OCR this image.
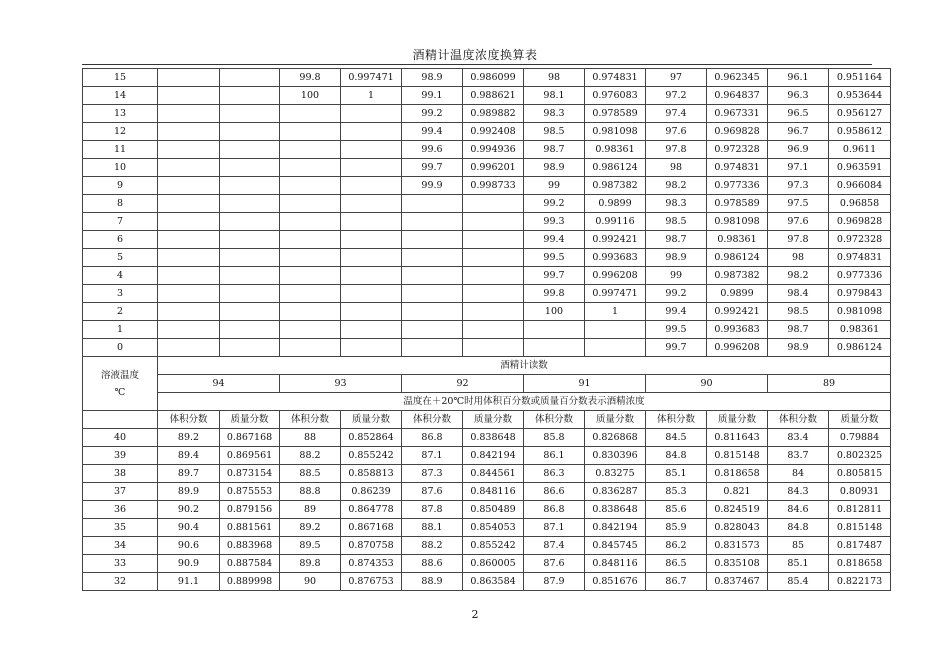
酒精计温度浓度换算表
15			99.8	0.997471	98.9	0.986099	98	0.974831	97	0.962345	96.1	0.951164
14			100	1	99.1	0.988621	98.1	0.976083	97.2	0.964837	96.3	0.953644
13					99.2	0.989882	98.3	0.978589	97.4	0.967331	96.5	0.956127
12					99.4	0.992408	98.5	0.981098	97.6	0.969828	96.7	0.958612
11					99.6	0.994936	98.7	0.98361	97.8	0.972328	96.9	0.9611
10					99.7	0.996201	98.9	0.986124	98	0.974831	97.1	0.963591
9					99.9	0.998733	99	0.987382	98.2	0.977336	97.3	0.966084
8							99.2	0.9899	98.3	0.978589	97.5	0.96858
7							99.3	0.99116	98.5	0.981098	97.6	0.969828
6							99.4	0.992421	98.7	0.98361	97.8	0.972328
5							99.5	0.993683	98.9	0.986124	98	0.974831
4							99.7	0.996208	99	0.987382	98.2	0.977336
3							99.8	0.997471	99.2	0.9899	98.4	0.979843
2							100	1	99.4	0.992421	98.5	0.981098
1									99.5	0.993683	98.7	0.98361
0									99.7	0.996208	98.9	0.986124
溶液温度
℃	酒精计读数											
	94		93		92		91		90		89	
	温度在＋20℃时用体积百分数或质量百分数表示酒精浓度											
	体积分数	质量分数	体积分数	质量分数	体积分数	质量分数	体积分数	质量分数	体积分数	质量分数	体积分数	质量分数
40	89.2	0.867168	88	0.852864	86.8	0.838648	85.8	0.826868	84.5	0.811643	83.4	0.79884
39	89.4	0.869561	88.2	0.855242	87.1	0.842194	86.1	0.830396	84.8	0.815148	83.7	0.802325
38	89.7	0.873154	88.5	0.858813	87.3	0.844561	86.3	0.83275	85.1	0.818658	84	0.805815
37	89.9	0.875553	88.8	0.86239	87.6	0.848116	86.6	0.836287	85.3	0.821	84.3	0.80931
36	90.2	0.879156	89	0.864778	87.8	0.850489	86.8	0.838648	85.6	0.824519	84.6	0.812811
35	90.4	0.881561	89.2	0.867168	88.1	0.854053	87.1	0.842194	85.9	0.828043	84.8	0.815148
34	90.6	0.883968	89.5	0.870758	88.2	0.855242	87.4	0.845745	86.2	0.831573	85	0.817487
33	90.9	0.887584	89.8	0.874353	88.6	0.860005	87.6	0.848116	86.5	0.835108	85.1	0.818658
32	91.1	0.889998	90	0.876753	88.9	0.863584	87.9	0.851676	86.7	0.837467	85.4	0.822173
2
